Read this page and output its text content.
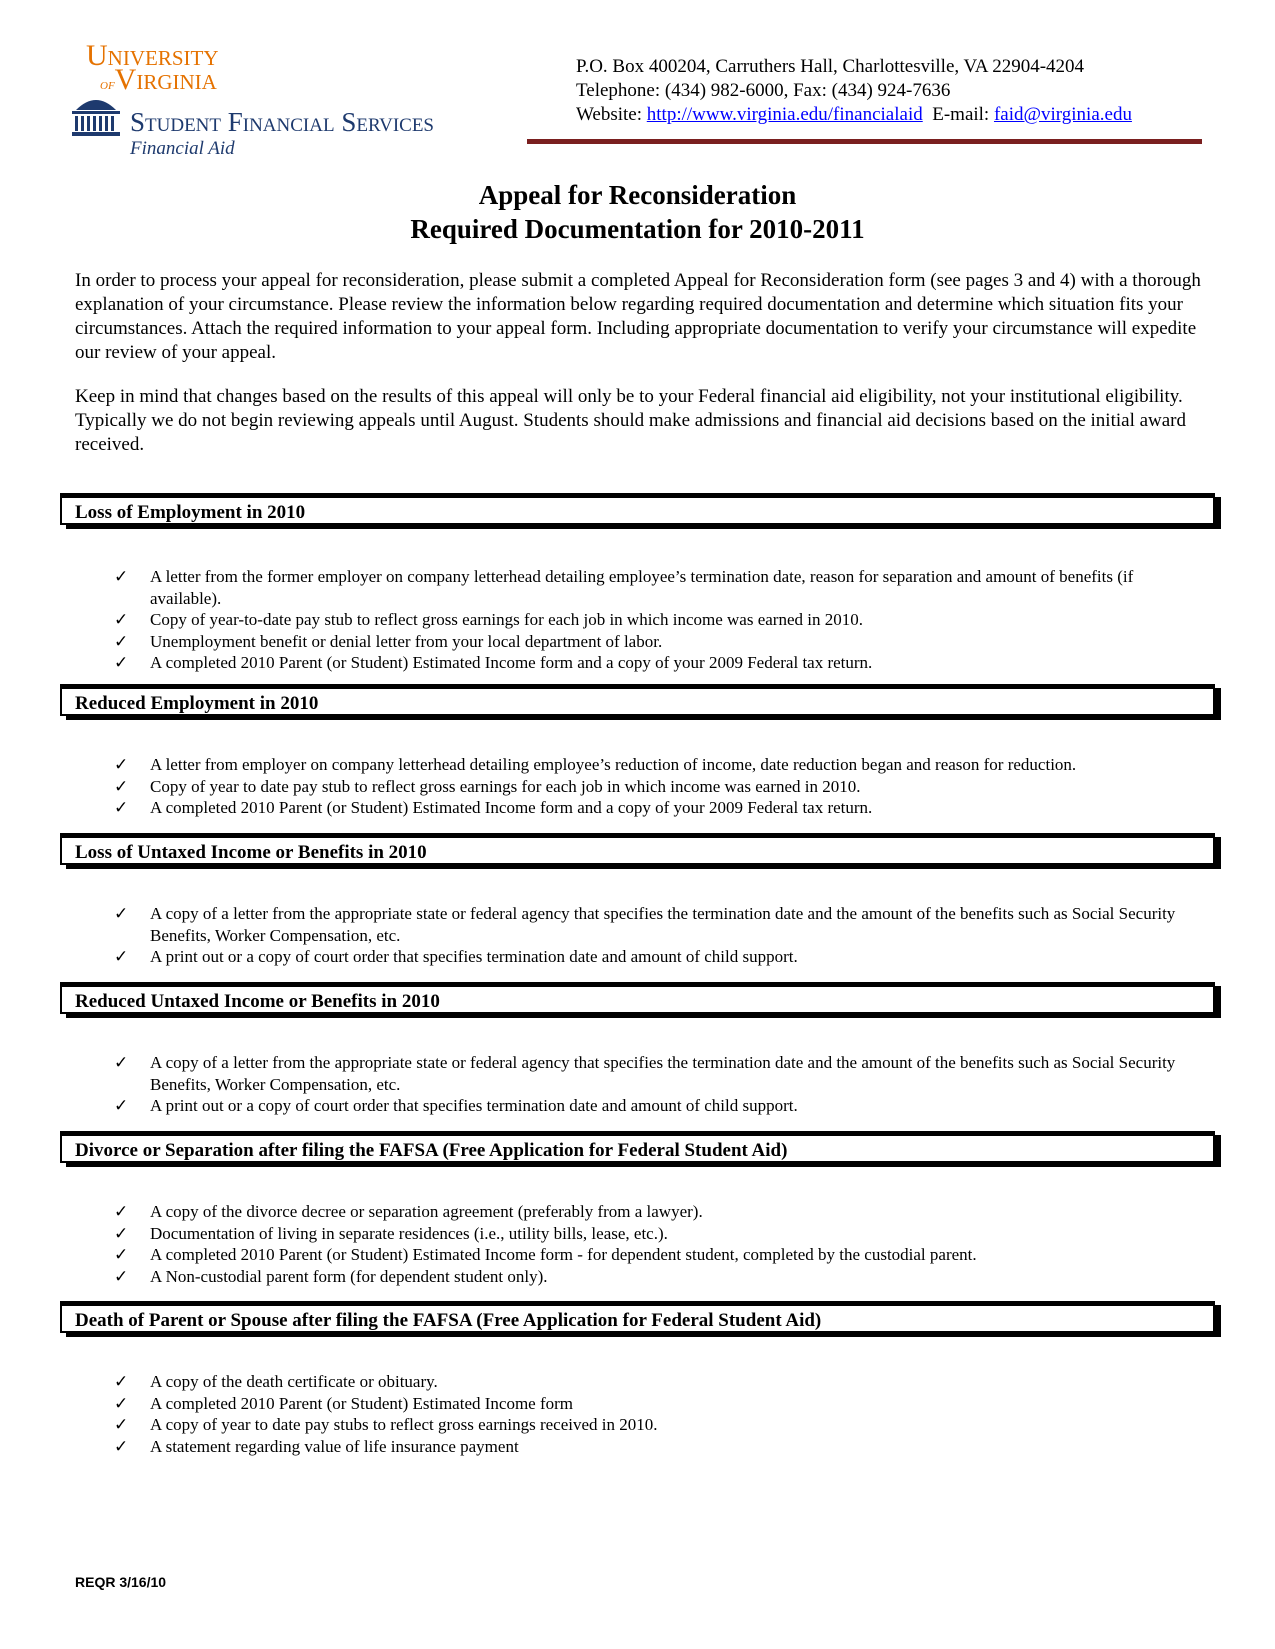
University
ofVirginia
Student Financial Services
Financial Aid
P.O. Box 400204, Carruthers Hall, Charlottesville, VA 22904-4204
Telephone: (434) 982-6000, Fax: (434) 924-7636
Website: http://www.virginia.edu/financialaid E-mail: faid@virginia.edu
Appeal for Reconsideration
Required Documentation for 2010-2011
In order to process your appeal for reconsideration, please submit a completed Appeal for Reconsideration form (see pages 3 and 4) with a thorough explanation of your circumstance. Please review the information below regarding required documentation and determine which situation fits your circumstances. Attach the required information to your appeal form. Including appropriate documentation to verify your circumstance will expedite our review of your appeal.
Keep in mind that changes based on the results of this appeal will only be to your Federal financial aid eligibility, not your institutional eligibility. Typically we do not begin reviewing appeals until August. Students should make admissions and financial aid decisions based on the initial award received.
Loss of Employment in 2010
✓ A letter from the former employer on company letterhead detailing employee’s termination date, reason for separation and amount of benefits (if available).
✓ Copy of year-to-date pay stub to reflect gross earnings for each job in which income was earned in 2010.
✓ Unemployment benefit or denial letter from your local department of labor.
✓ A completed 2010 Parent (or Student) Estimated Income form and a copy of your 2009 Federal tax return.
Reduced Employment in 2010
✓ A letter from employer on company letterhead detailing employee’s reduction of income, date reduction began and reason for reduction.
✓ Copy of year to date pay stub to reflect gross earnings for each job in which income was earned in 2010.
✓ A completed 2010 Parent (or Student) Estimated Income form and a copy of your 2009 Federal tax return.
Loss of Untaxed Income or Benefits in 2010
✓ A copy of a letter from the appropriate state or federal agency that specifies the termination date and the amount of the benefits such as Social Security Benefits, Worker Compensation, etc.
✓ A print out or a copy of court order that specifies termination date and amount of child support.
Reduced Untaxed Income or Benefits in 2010
✓ A copy of a letter from the appropriate state or federal agency that specifies the termination date and the amount of the benefits such as Social Security Benefits, Worker Compensation, etc.
✓ A print out or a copy of court order that specifies termination date and amount of child support.
Divorce or Separation after filing the FAFSA (Free Application for Federal Student Aid)
✓ A copy of the divorce decree or separation agreement (preferably from a lawyer).
✓ Documentation of living in separate residences (i.e., utility bills, lease, etc.).
✓ A completed 2010 Parent (or Student) Estimated Income form - for dependent student, completed by the custodial parent.
✓ A Non-custodial parent form (for dependent student only).
Death of Parent or Spouse after filing the FAFSA (Free Application for Federal Student Aid)
✓ A copy of the death certificate or obituary.
✓ A completed 2010 Parent (or Student) Estimated Income form
✓ A copy of year to date pay stubs to reflect gross earnings received in 2010.
✓ A statement regarding value of life insurance payment
REQR 3/16/10
